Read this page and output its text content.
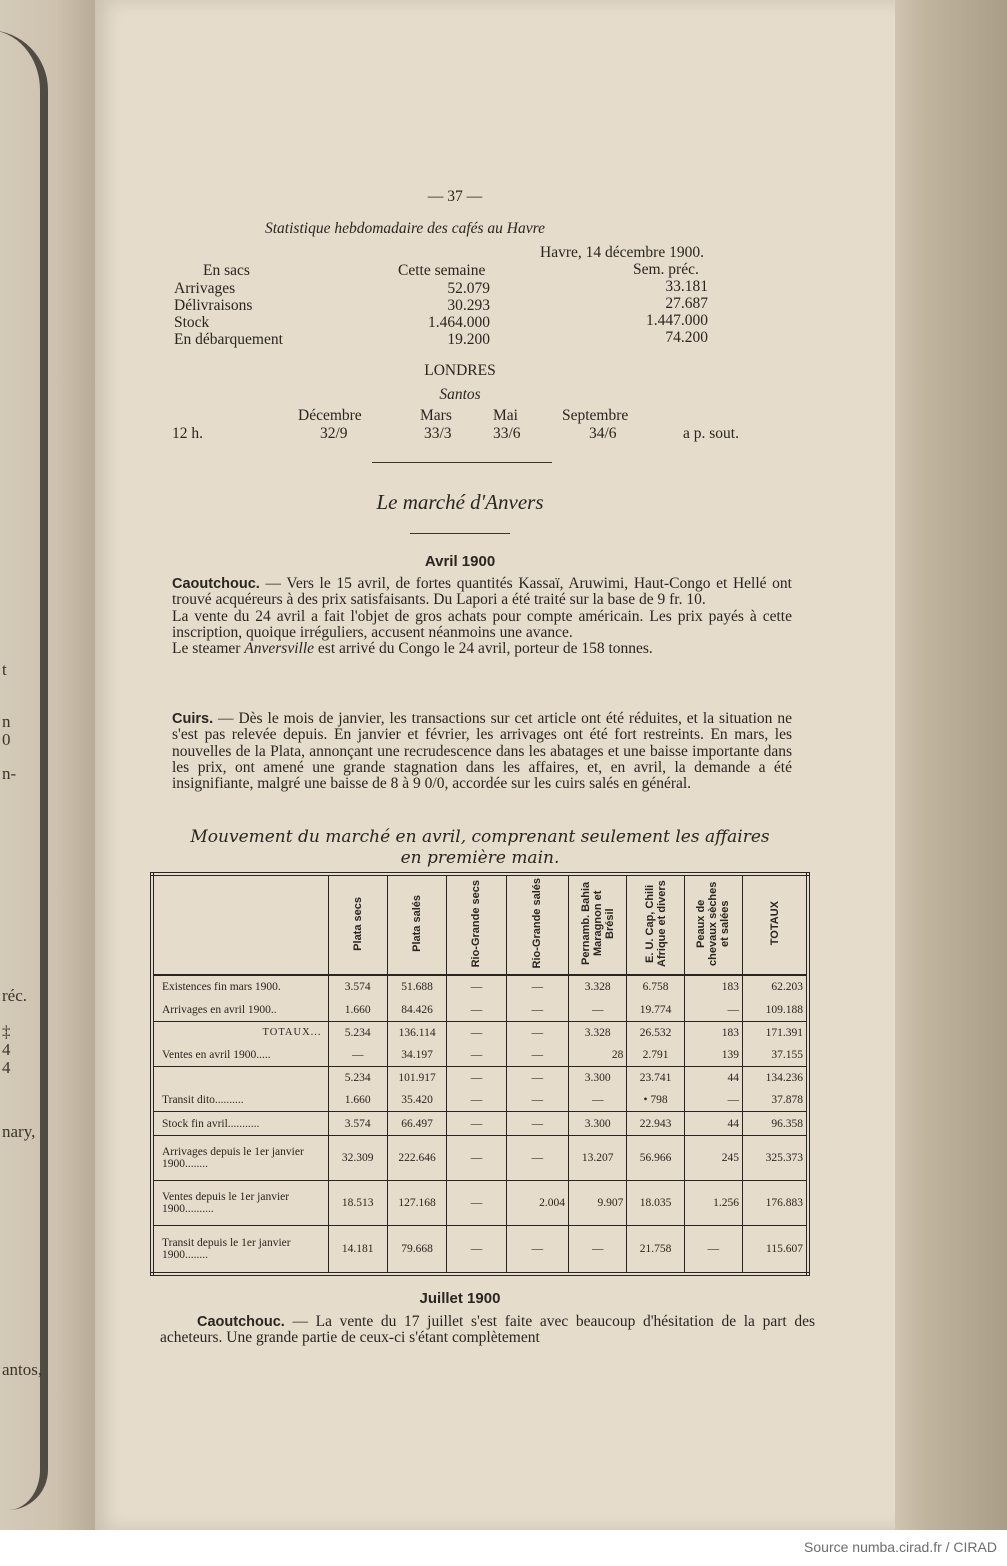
t
n
0
n-
réc.
‡
4
4
nary,
antos,
— 37 —
Statistique hebdomadaire des cafés au Havre
Havre, 14 décembre 1900.
En sacs	Cette semaine	Sem. préc.
Arrivages	52.079	33.181
Délivraisons	30.293	27.687
Stock	1.464.000	1.447.000
En débarquement	19.200	74.200
LONDRES
Santos
Décembre	Mars	Mai	Septembre
12 h.	32/9	33/3	33/6	34/6	a p. sout.
Le marché d'Anvers
Avril 1900

Caoutchouc. — Vers le 15 avril, de fortes quantités Kassaï, Aruwimi, Haut-Congo et Hellé ont trouvé acquéreurs à des prix satisfaisants. Du Lapori a été traité sur la base de 9 fr. 10.

La vente du 24 avril a fait l'objet de gros achats pour compte américain. Les prix payés à cette inscription, quoique irréguliers, accusent néanmoins une avance.

Le steamer Anversville est arrivé du Congo le 24 avril, porteur de 158 tonnes.

Cuirs. — Dès le mois de janvier, les transactions sur cet article ont été réduites, et la situation ne s'est pas relevée depuis. En janvier et février, les arrivages ont été fort restreints. En mars, les nouvelles de la Plata, annonçant une recrudescence dans les abatages et une baisse importante dans les prix, ont amené une grande stagnation dans les affaires, et, en avril, la demande a été insignifiante, malgré une baisse de 8 à 9 0/0, accordée sur les cuirs salés en général.

Mouvement du marché en avril, comprenant seulement les affaires
en première main.
	Plata secs	Plata salés	Rio-Grande secs	Rio-Grande salés	Pernamb. Bahia Maragnon et Brésil	E. U. Cap, Chili Afrique et divers	Peaux de chevaux sèches et salées	TOTAUX
Existences fin mars 1900.	3.574	51.688	—	—	3.328	6.758	183	62.203
Arrivages en avril 1900..	1.660	84.426	—	—	—	19.774	—	109.188
TOTAUX...	5.234	136.114	—	—	3.328	26.532	183	171.391
Ventes en avril 1900.....	—	34.197	—	—	28	2.791	139	37.155
	5.234	101.917	—	—	3.300	23.741	44	134.236
Transit dito..........	1.660	35.420	—	—	—	• 798	—	37.878
Stock fin avril...........	3.574	66.497	—	—	3.300	22.943	44	96.358
Arrivages depuis le 1er janvier 1900........	32.309	222.646	—	—	13.207	56.966	245	325.373
Ventes depuis le 1er janvier 1900..........	18.513	127.168	—	2.004	9.907	18.035	1.256	176.883
Transit depuis le 1er janvier 1900........	14.181	79.668	—	—	—	21.758	—	115.607
Juillet 1900

Caoutchouc. — La vente du 17 juillet s'est faite avec beaucoup d'hésitation de la part des acheteurs. Une grande partie de ceux-ci s'étant complètement

Source numba.cirad.fr / CIRAD
